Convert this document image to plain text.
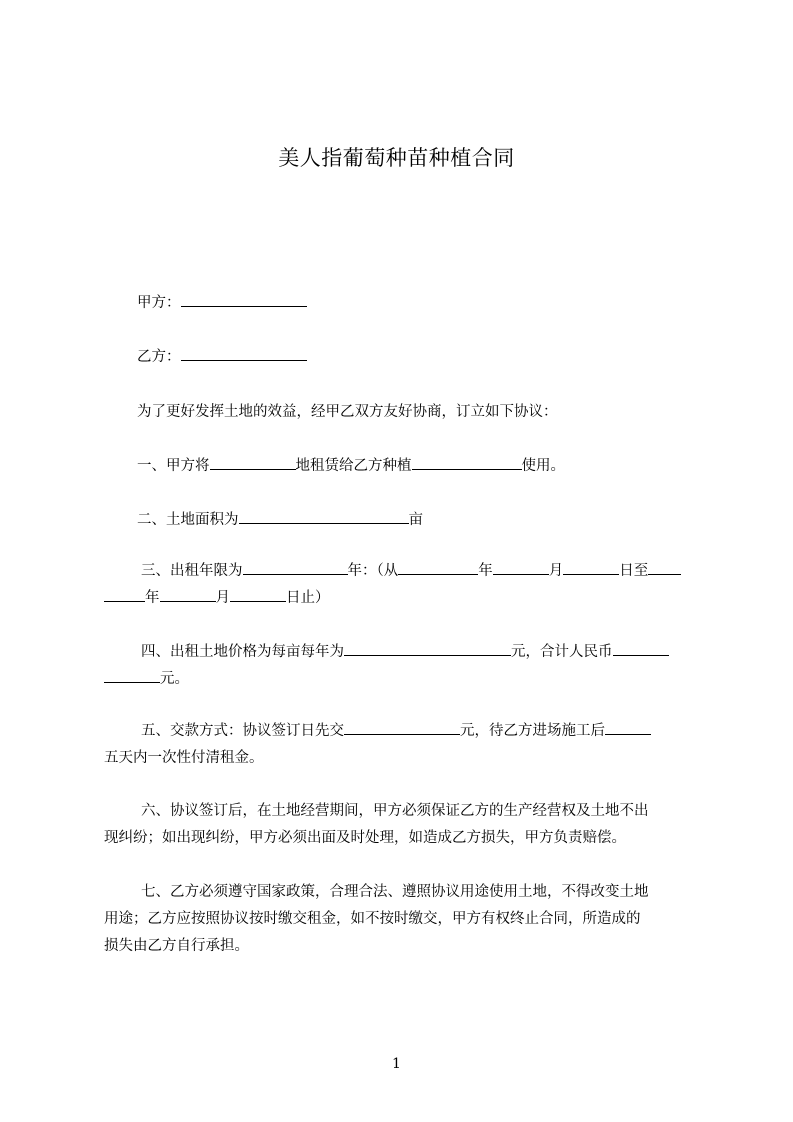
美人指葡萄种苗种植合同
甲方：
乙方：
为了更好发挥土地的效益，经甲乙双方友好协商，订立如下协议：
一、甲方将	地租赁给乙方种植	使用。
二、土地面积为	亩
三、出租年限为	年：（从	年	月	日至
年	月	日止）
四、出租土地价格为每亩每年为	元，合计人民币
元。
五、交款方式：协议签订日先交	元，待乙方进场施工后
五天内一次性付清租金。
六、协议签订后，在土地经营期间，甲方必须保证乙方的生产经营权及土地不出
现纠纷；如出现纠纷，甲方必须出面及时处理，如造成乙方损失，甲方负责赔偿。
七、乙方必须遵守国家政策，合理合法、遵照协议用途使用土地，不得改变土地
用途；乙方应按照协议按时缴交租金，如不按时缴交，甲方有权终止合同，所造成的
损失由乙方自行承担。
1
